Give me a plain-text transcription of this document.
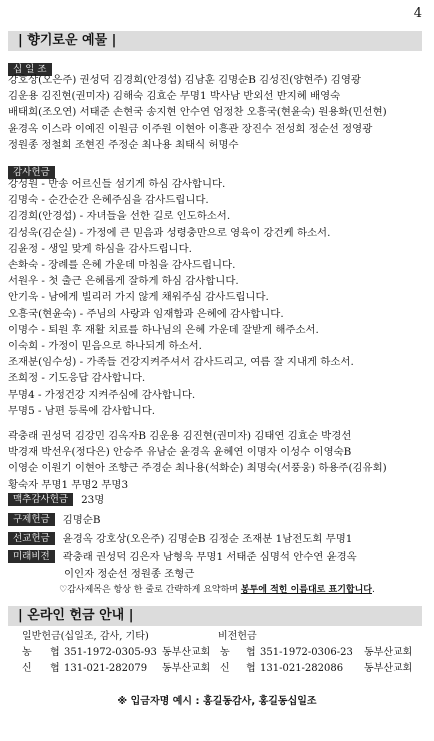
4
| 향기로운 예물 |
십 일 조
강호상(오은주) 권성덕 김경희(안경섭) 김남훈 김명순B 김성진(양현주) 김영광
김운용 김진현(권미자) 김해숙 김효순 무명1 박사남 반외선 반지혜 배영숙
배태희(조오연) 서태준 손현국 송지현 안수연 엄정찬 오흥국(현윤숙) 원용화(민선현)
윤경옥 이스라 이예진 이원금 이주원 이현아 이흥관 장진수 전성희 정순선 정영광
정원종 정철희 조현진 주정순 최나용 최태식 허명수
감사헌금
강성원 - 반송 어르신들 섬기게 하심 감사합니다.
김명숙 - 순간순간 은혜주심을 감사드립니다.
김경희(안경섭) - 자녀들을 선한 길로 인도하소서.
김성욱(김순실) - 가정에 큰 믿음과 성령충만으로 영육이 강건케 하소서.
김윤정 - 생일 맞게 하심을 감사드립니다.
손화숙 - 장례를 은혜 가운데 마침을 감사드립니다.
서원우 - 첫 출근 은혜롭게 잘하게 하심 감사합니다.
안기욱 - 남에게 빌리러 가지 않게 채워주심 감사드립니다.
오흥국(현윤숙) - 주님의 사랑과 임재함과 은혜에 감사합니다.
이명수 - 퇴원 후 재활 치료를 하나님의 은혜 가운데 잘받게 해주소서.
이숙희 - 가정이 믿음으로 하나되게 하소서.
조재분(임수성) - 가족들 건강지켜주셔서 감사드리고, 여름 잘 지내게 하소서.
조희정 - 기도응답 감사합니다.
무명4 - 가정건강 지켜주심에 감사합니다.
무명5 - 남편 등록에 감사합니다.
곽충래 권성덕 김강민 김옥자B 김운용 김진현(권미자) 김태연 김효순 박경선
박경재 박선우(정다은) 안승주 유남순 윤경옥 윤혜연 이명자 이성수 이영숙B
이영순 이원기 이현아 조향근 주경순 최나용(석화순) 최명숙(서풍웅) 하용주(김유회)
황숙자 무명1 무명2 무명3
맥추감사헌금 23명
구제헌금 김명순B
선교헌금 윤경옥 강호상(오은주) 김명순B 김정순 조재분 1남전도회 무명1
미래비전 곽충래 권성덕 김은자 남형욱 무명1 서태준 심명석 안수연 윤경옥
이인자 정순선 정원종 조형근
♡감사제목은 항상 한 줄로 간략하게 요약하며 봉투에 적힌 이름대로 표기합니다.
| 온라인 헌금 안내 |
일반헌금(십일조, 감사, 기타)	비전헌금
농 협 351-1972-0305-93 동부산교회 농 협 351-1972-0306-23 동부산교회
신 협 131-021-282079 동부산교회 신 협 131-021-282086 동부산교회
※ 입금자명 예시 : 홍길동감사, 홍길동십일조
